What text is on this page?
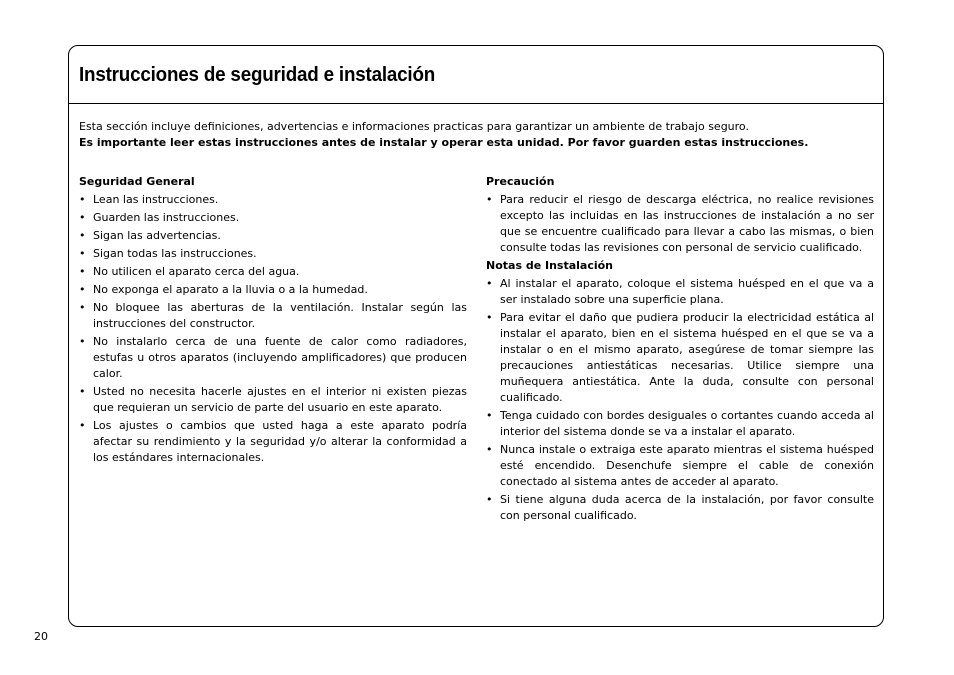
Instrucciones de seguridad e instalación

Esta sección incluye definiciones, advertencias e informaciones practicas para garantizar un ambiente de trabajo seguro.

Es importante leer estas instrucciones antes de instalar y operar esta unidad. Por favor guarden estas instrucciones.

Seguridad General
• Lean las instrucciones.
• Guarden las instrucciones.
• Sigan las advertencias.
• Sigan todas las instrucciones.
• No utilicen el aparato cerca del agua.
• No exponga el aparato a la lluvia o a la humedad.
• No bloquee las aberturas de la ventilación. Instalar según las instrucciones del constructor.
• No instalarlo cerca de una fuente de calor como radiadores, estufas u otros aparatos (incluyendo amplificadores) que producen calor.
• Usted no necesita hacerle ajustes en el interior ni existen piezas que requieran un servicio de parte del usuario en este aparato.
• Los ajustes o cambios que usted haga a este aparato podría afectar su rendimiento y la seguridad y/o alterar la conformidad a los estándares internacionales.
Precaución
• Para reducir el riesgo de descarga eléctrica, no realice revisiones excepto las incluidas en las instrucciones de instalación a no ser que se encuentre cualificado para llevar a cabo las mismas, o bien consulte todas las revisiones con personal de servicio cualificado.
Notas de Instalación
• Al instalar el aparato, coloque el sistema huésped en el que va a ser instalado sobre una superficie plana.
• Para evitar el daño que pudiera producir la electricidad estática al instalar el aparato, bien en el sistema huésped en el que se va a instalar o en el mismo aparato, asegúrese de tomar siempre las precauciones antiestáticas necesarias. Utilice siempre una muñequera antiestática. Ante la duda, consulte con personal cualificado.
• Tenga cuidado con bordes desiguales o cortantes cuando acceda al interior del sistema donde se va a instalar el aparato.
• Nunca instale o extraiga este aparato mientras el sistema huésped esté encendido. Desenchufe siempre el cable de conexión conectado al sistema antes de acceder al aparato.
• Si tiene alguna duda acerca de la instalación, por favor consulte con personal cualificado.
20
